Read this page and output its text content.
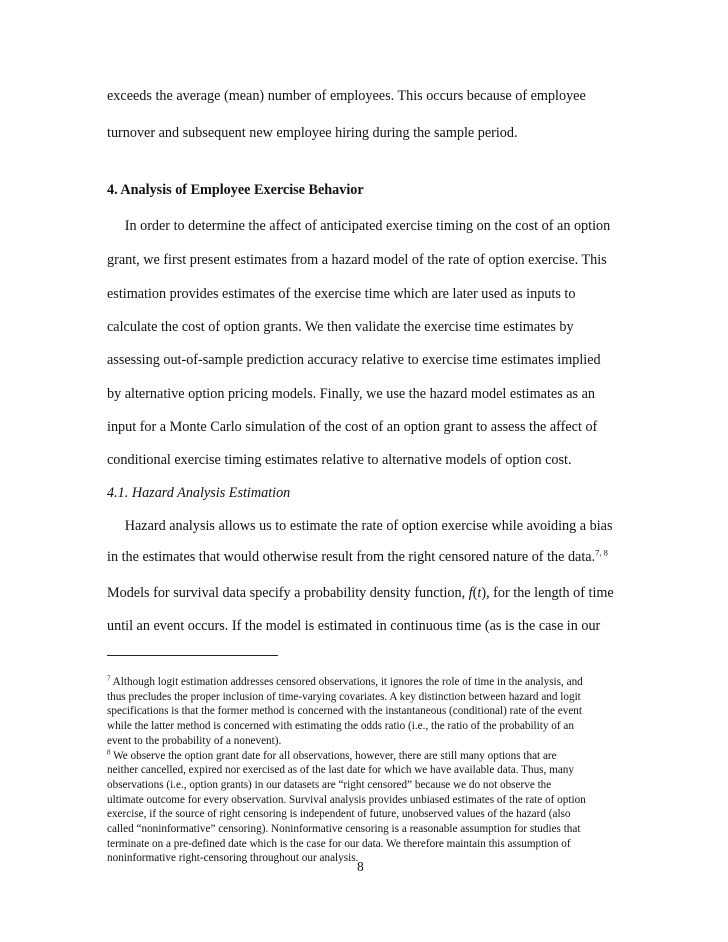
exceeds the average (mean) number of employees. This occurs because of employee
turnover and subsequent new employee hiring during the sample period.
4. Analysis of Employee Exercise Behavior
In order to determine the affect of anticipated exercise timing on the cost of an option
grant, we first present estimates from a hazard model of the rate of option exercise. This
estimation provides estimates of the exercise time which are later used as inputs to
calculate the cost of option grants. We then validate the exercise time estimates by
assessing out-of-sample prediction accuracy relative to exercise time estimates implied
by alternative option pricing models. Finally, we use the hazard model estimates as an
input for a Monte Carlo simulation of the cost of an option grant to assess the affect of
conditional exercise timing estimates relative to alternative models of option cost.
4.1. Hazard Analysis Estimation
Hazard analysis allows us to estimate the rate of option exercise while avoiding a bias
in the estimates that would otherwise result from the right censored nature of the data.$^{7, 8}$
Models for survival data specify a probability density function, f(t), for the length of time
until an event occurs. If the model is estimated in continuous time (as is the case in our
$^7$ Although logit estimation addresses censored observations, it ignores the role of time in the analysis, and
thus precludes the proper inclusion of time-varying covariates. A key distinction between hazard and logit
specifications is that the former method is concerned with the instantaneous (conditional) rate of the event
while the latter method is concerned with estimating the odds ratio (i.e., the ratio of the probability of an
event to the probability of a nonevent).
$^8$ We observe the option grant date for all observations, however, there are still many options that are
neither cancelled, expired nor exercised as of the last date for which we have available data. Thus, many
observations (i.e., option grants) in our datasets are “right censored” because we do not observe the
ultimate outcome for every observation. Survival analysis provides unbiased estimates of the rate of option
exercise, if the source of right censoring is independent of future, unobserved values of the hazard (also
called “noninformative” censoring). Noninformative censoring is a reasonable assumption for studies that
terminate on a pre-defined date which is the case for our data. We therefore maintain this assumption of
noninformative right-censoring throughout our analysis.
8
